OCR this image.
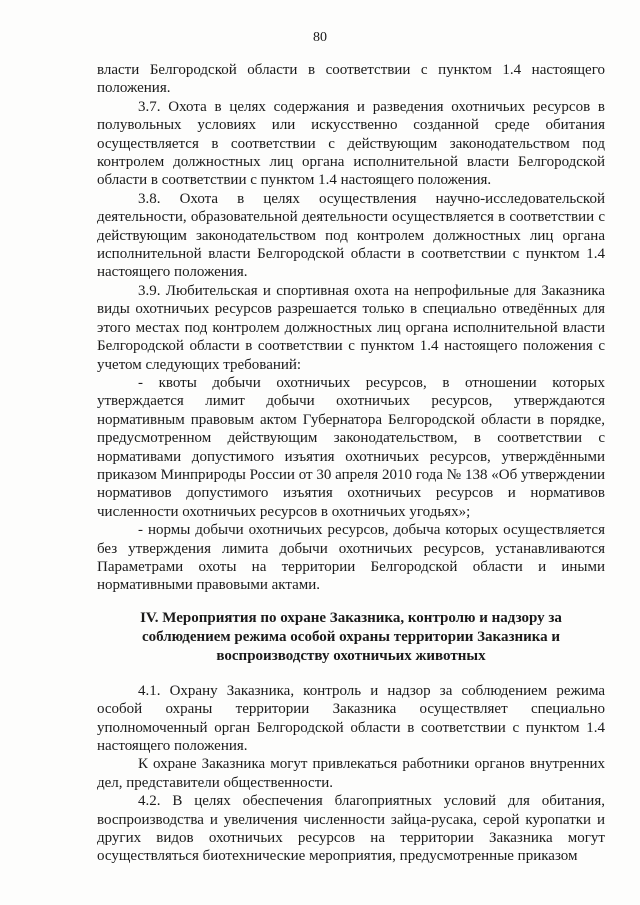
80

власти Белгородской области в соответствии с пунктом 1.4 настоящего положения.

3.7. Охота в целях содержания и разведения охотничьих ресурсов в полувольных условиях или искусственно созданной среде обитания осуществляется в соответствии с действующим законодательством под контролем должностных лиц органа исполнительной власти Белгородской области в соответствии с пунктом 1.4 настоящего положения.

3.8. Охота в целях осуществления научно-исследовательской деятельности, образовательной деятельности осуществляется в соответствии с действующим законодательством под контролем должностных лиц органа исполнительной власти Белгородской области в соответствии с пунктом 1.4 настоящего положения.

3.9. Любительская и спортивная охота на непрофильные для Заказника виды охотничьих ресурсов разрешается только в специально отведённых для этого местах под контролем должностных лиц органа исполнительной власти Белгородской области в соответствии с пунктом 1.4 настоящего положения с учетом следующих требований:

- квоты добычи охотничьих ресурсов, в отношении которых утверждается лимит добычи охотничьих ресурсов, утверждаются нормативным правовым актом Губернатора Белгородской области в порядке, предусмотренном действующим законодательством, в соответствии с нормативами допустимого изъятия охотничьих ресурсов, утверждёнными приказом Минприроды России от 30 апреля 2010 года № 138 «Об утверждении нормативов допустимого изъятия охотничьих ресурсов и нормативов численности охотничьих ресурсов в охотничьих угодьях»;

- нормы добычи охотничьих ресурсов, добыча которых осуществляется без утверждения лимита добычи охотничьих ресурсов, устанавливаются Параметрами охоты на территории Белгородской области и иными нормативными правовыми актами.

IV. Мероприятия по охране Заказника, контролю и надзору за соблюдением режима особой охраны территории Заказника и воспроизводству охотничьих животных

4.1. Охрану Заказника, контроль и надзор за соблюдением режима особой охраны территории Заказника осуществляет специально уполномоченный орган Белгородской области в соответствии с пунктом 1.4 настоящего положения.

К охране Заказника могут привлекаться работники органов внутренних дел, представители общественности.

4.2. В целях обеспечения благоприятных условий для обитания, воспроизводства и увеличения численности зайца-русака, серой куропатки и других видов охотничьих ресурсов на территории Заказника могут осуществляться биотехнические мероприятия, предусмотренные приказом
